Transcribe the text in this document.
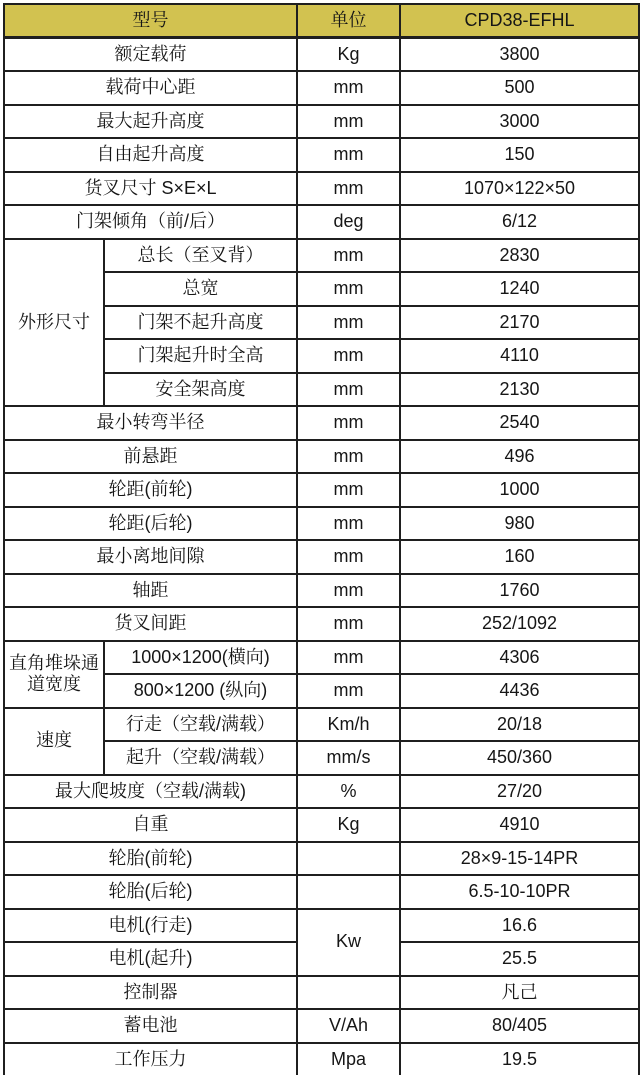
型号		单位	CPD38-EFHL
额定载荷		Kg	3800
载荷中心距		mm	500
最大起升高度		mm	3000
自由起升高度		mm	150
货叉尺寸 S×E×L		mm	1070×122×50
门架倾角（前/后）		deg	6/12
外形尺寸	总长（至叉背）	mm	2830
	总宽	mm	1240
	门架不起升高度	mm	2170
	门架起升时全高	mm	4110
	安全架高度	mm	2130
最小转弯半径		mm	2540
前悬距		mm	496
轮距(前轮)		mm	1000
轮距(后轮)		mm	980
最小离地间隙		mm	160
轴距		mm	1760
货叉间距		mm	252/1092
直角堆垛通道宽度	1000×1200(横向)	mm	4306
	800×1200 (纵向)	mm	4436
速度	行走（空载/满载）	Km/h	20/18
	起升（空载/满载）	mm/s	450/360
最大爬坡度（空载/满载)		%	27/20
自重		Kg	4910
轮胎(前轮)			28×9-15-14PR
轮胎(后轮)			6.5-10-10PR
电机(行走)		Kw	16.6
电机(起升)			25.5
控制器			凡己
蓄电池		V/Ah	80/405
工作压力		Mpa	19.5
